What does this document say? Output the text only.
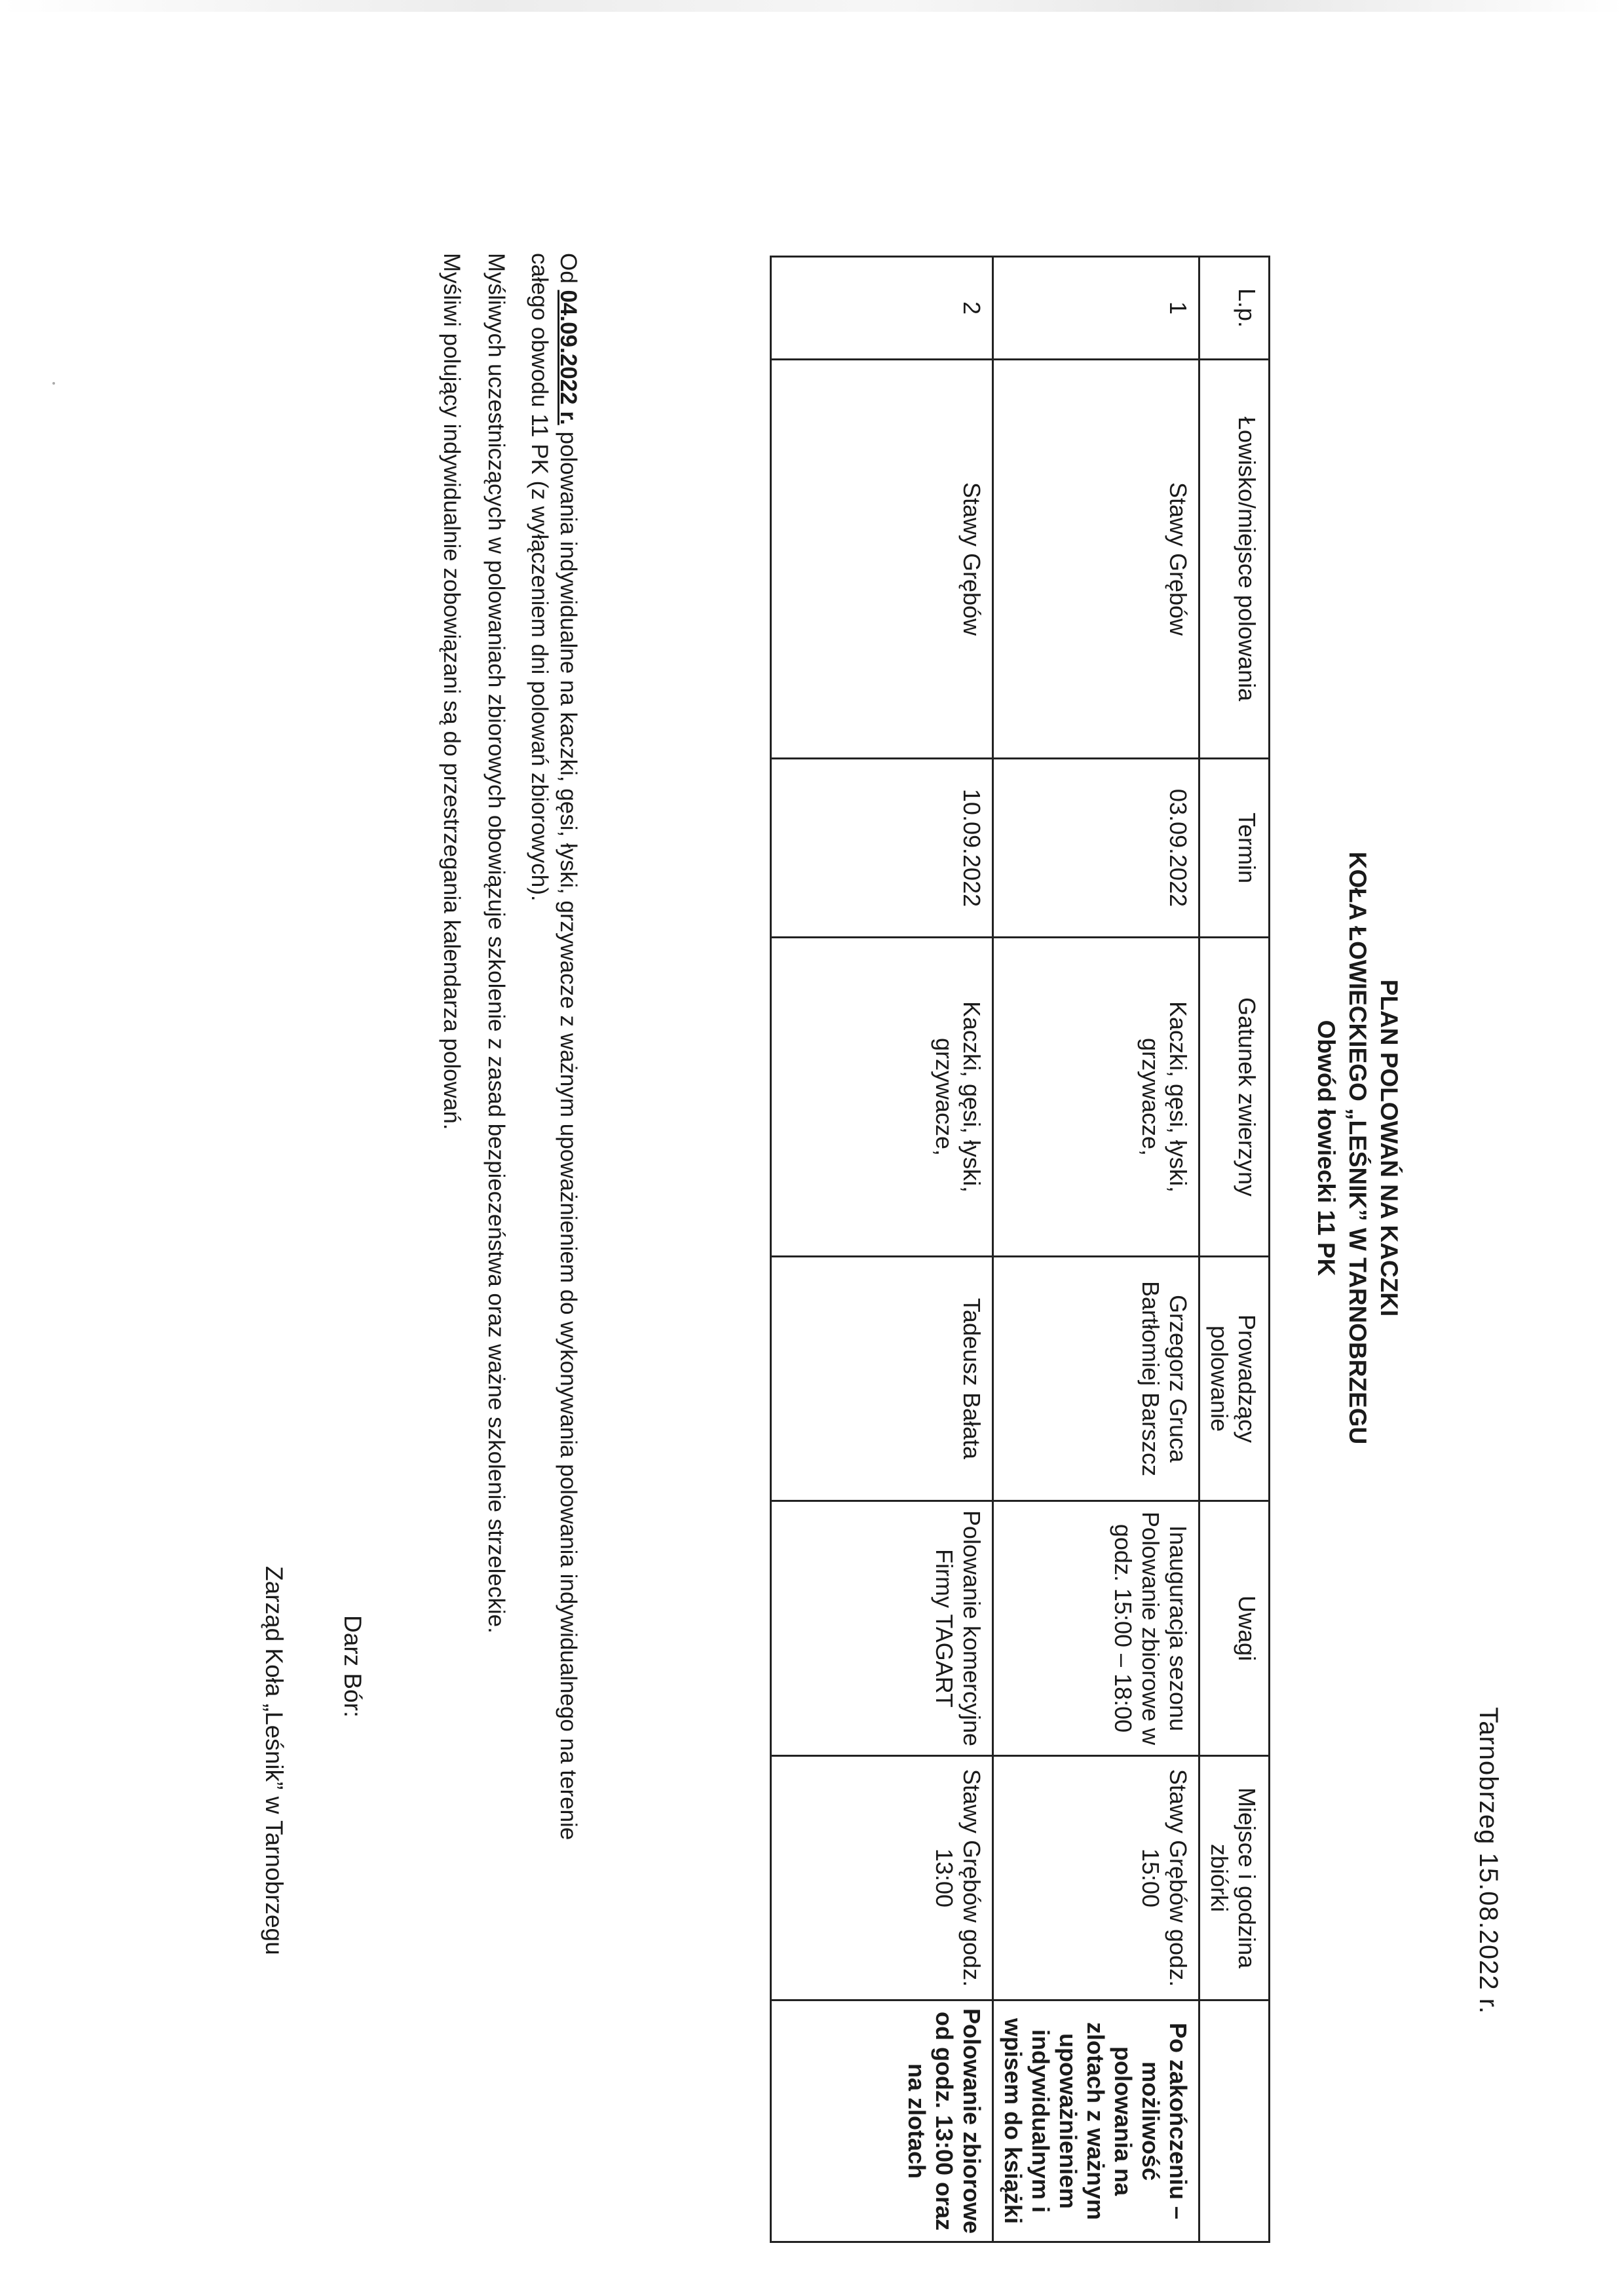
Tarnobrzeg 15.08.2022 r.
PLAN POLOWAŃ NA KACZKI
KOŁA ŁOWIECKIEGO „LEŚNIK” W TARNOBRZEGU
Obwód łowiecki 11 PK
L.p.	Łowisko/miejsce polowania	Termin	Gatunek zwierzyny	Prowadzący polowanie	Uwagi	Miejsce i godzina zbiórki	
1	Stawy Grębów	03.09.2022	Kaczki, gęsi, łyski, grzywacze,	Grzegorz Gruca Bartłomiej Barszcz	Inauguracja sezonu Polowanie zbiorowe w godz. 15:00 – 18:00	Stawy Grębów godz. 15:00	Po zakończeniu – możliwość polowania na zlotach z ważnym upoważnieniem indywidualnym i wpisem do książki
2	Stawy Grębów	10.09.2022	Kaczki, gęsi, łyski, grzywacze,	Tadeusz Bałata	Polowanie komercyjne Firmy TAGART	Stawy Grębów godz. 13:00	Polowanie zbiorowe od godz. 13:00 oraz na zlotach
Od 04.09.2022 r. polowania indywidualne na kaczki, gęsi, łyski, grzywacze z ważnym upoważnieniem do wykonywania polowania indywidualnego na terenie
całego obwodu 11 PK (z wyłączeniem dni polowań zbiorowych).
Myśliwych uczestniczących w polowaniach zbiorowych obowiązuje szkolenie z zasad bezpieczeństwa oraz ważne szkolenie strzeleckie.
Myśliwi polujący indywidualnie zobowiązani są do przestrzegania kalendarza polowań.
Darz Bór:
Zarząd Koła „Leśnik” w Tarnobrzegu
